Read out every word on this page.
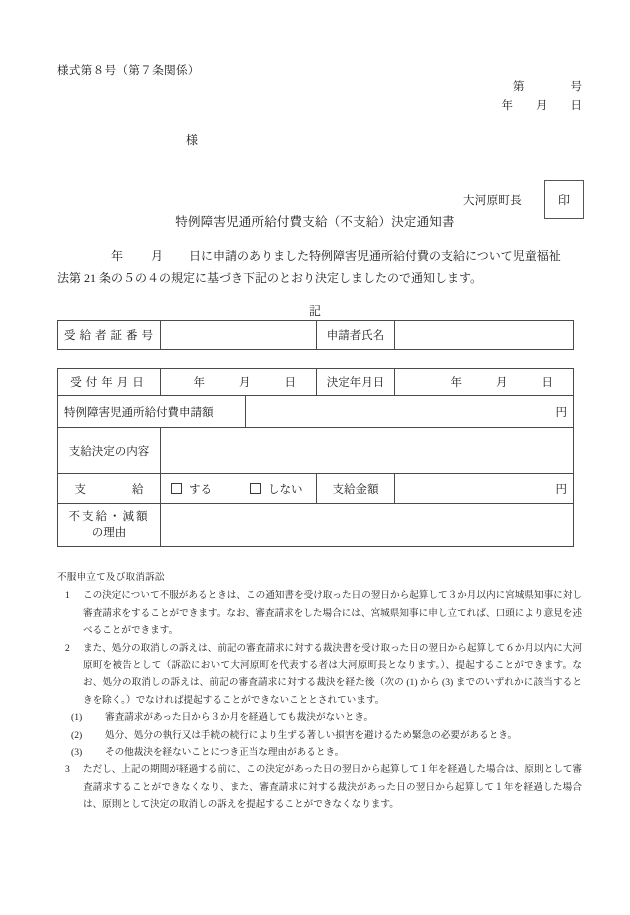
様式第８号（第７条関係）
第　　　　号
年　　月　　日
様
大河原町長	印
特例障害児通所給付費支給（不支給）決定通知書
年 月 日に申請のありました特例障害児通所給付費の支給について児童福祉
法第 21 条の５の４の規定に基づき下記のとおり決定しましたので通知します。
記
受給者証番号		申請者氏名	
受付年月日	年 月 日		決定年月日	年 月 日

特例障害児通所給付費申請額		円		
支給決定の内容				
支　　　　給	する しない		支給金額	円

不支給・減額
の理由				

不服申立て及び取消訴訟
1	この決定について不服があるときは、この通知書を受け取った日の翌日から起算して３か月以内に宮城県知事に対し審査請求をすることができます。なお、審査請求をした場合には、宮城県知事に申し立てれば、口頭により意見を述べることができます。
2	また、処分の取消しの訴えは、前記の審査請求に対する裁決書を受け取った日の翌日から起算して６か月以内に大河原町を被告として（訴訟において大河原町を代表する者は大河原町長となります。）、提起することができます。なお、処分の取消しの訴えは、前記の審査請求に対する裁決を経た後（次の (1) から (3) までのいずれかに該当するときを除く。）でなければ提起することができないこととされています。
(1)	審査請求があった日から３か月を経過しても裁決がないとき。
(2)	処分、処分の執行又は手続の続行により生ずる著しい損害を避けるため緊急の必要があるとき。
(3)	その他裁決を経ないことにつき正当な理由があるとき。
3	ただし、上記の期間が経過する前に、この決定があった日の翌日から起算して１年を経過した場合は、原則として審査請求することができなくなり、また、審査請求に対する裁決があった日の翌日から起算して１年を経過した場合は、原則として決定の取消しの訴えを提起することができなくなります。
